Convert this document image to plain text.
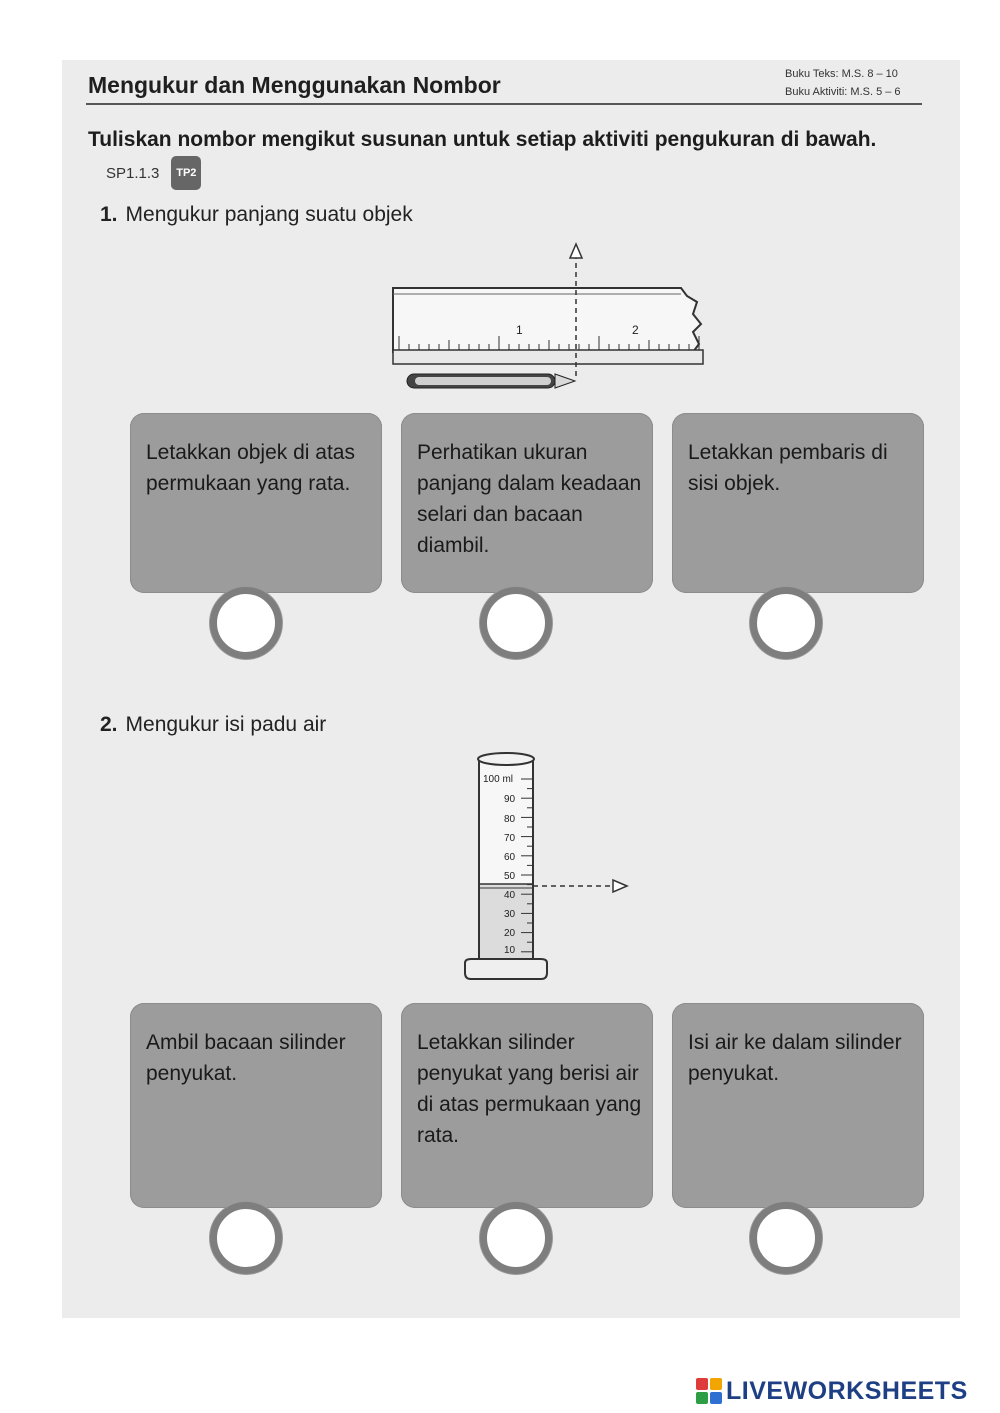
Mengukur dan Menggunakan Nombor	Buku Teks: M.S. 8 – 10
Buku Aktiviti: M.S. 5 – 6
Tuliskan nombor mengikut susunan untuk setiap aktiviti pengukuran di bawah. SP1.1.3 TP2
1. Mengukur panjang suatu objek
1	2
Letakkan objek di atas permukaan yang rata.
Perhatikan ukuran panjang dalam keadaan selari dan bacaan diambil.
Letakkan pembaris di sisi objek.
2. Mengukur isi padu air
100 ml
90
80
70
60
50
40
30
20
10
Ambil bacaan silinder penyukat.
Letakkan silinder penyukat yang berisi air di atas permukaan yang rata.
Isi air ke dalam silinder penyukat.
LIVEWORKSHEETS
